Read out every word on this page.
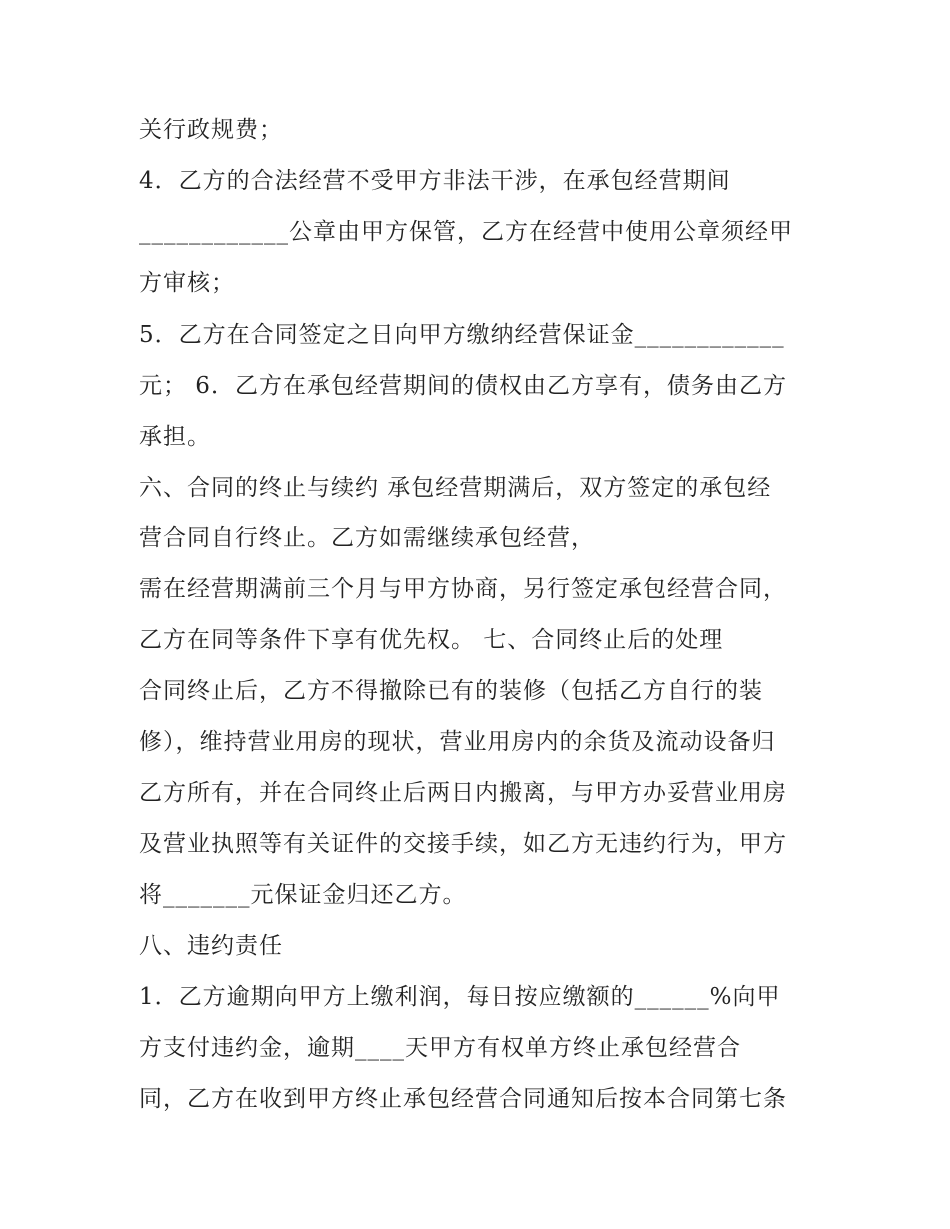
关行政规费；
4．乙方的合法经营不受甲方非法干涉，在承包经营期间
____________公章由甲方保管，乙方在经营中使用公章须经甲
方审核；
5．乙方在合同签定之日向甲方缴纳经营保证金____________
元； 6．乙方在承包经营期间的债权由乙方享有，债务由乙方
承担。
六、合同的终止与续约 承包经营期满后，双方签定的承包经
营合同自行终止。乙方如需继续承包经营，
需在经营期满前三个月与甲方协商，另行签定承包经营合同，
乙方在同等条件下享有优先权。 七、合同终止后的处理
合同终止后，乙方不得撤除已有的装修（包括乙方自行的装
修），维持营业用房的现状，营业用房内的余货及流动设备归
乙方所有，并在合同终止后两日内搬离，与甲方办妥营业用房
及营业执照等有关证件的交接手续，如乙方无违约行为，甲方
将_______元保证金归还乙方。
八、违约责任
1．乙方逾期向甲方上缴利润，每日按应缴额的______%向甲
方支付违约金，逾期____天甲方有权单方终止承包经营合
同，乙方在收到甲方终止承包经营合同通知后按本合同第七条
